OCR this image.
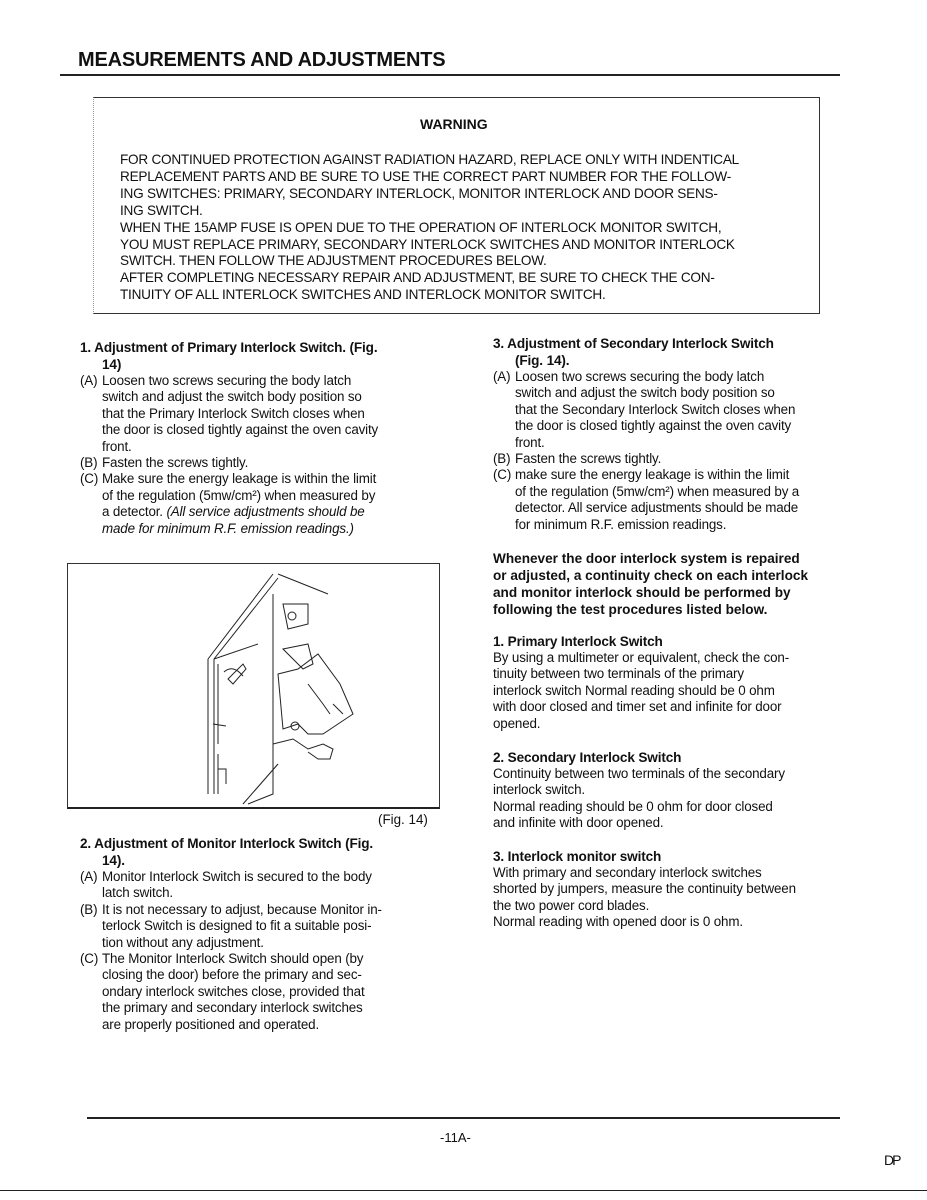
MEASUREMENTS AND ADJUSTMENTS
WARNING
FOR CONTINUED PROTECTION AGAINST RADIATION HAZARD, REPLACE ONLY WITH INDENTICAL
REPLACEMENT PARTS AND BE SURE TO USE THE CORRECT PART NUMBER FOR THE FOLLOW-
ING SWITCHES: PRIMARY, SECONDARY INTERLOCK, MONITOR INTERLOCK AND DOOR SENS-
ING SWITCH.
WHEN THE 15AMP FUSE IS OPEN DUE TO THE OPERATION OF INTERLOCK MONITOR SWITCH,
YOU MUST REPLACE PRIMARY, SECONDARY INTERLOCK SWITCHES AND MONITOR INTERLOCK
SWITCH. THEN FOLLOW THE ADJUSTMENT PROCEDURES BELOW.
AFTER COMPLETING NECESSARY REPAIR AND ADJUSTMENT, BE SURE TO CHECK THE CON-
TINUITY OF ALL INTERLOCK SWITCHES AND INTERLOCK MONITOR SWITCH.
1. Adjustment of Primary Interlock Switch. (Fig.
14)
(A) Loosen two screws securing the body latch
switch and adjust the switch body position so
that the Primary Interlock Switch closes when
the door is closed tightly against the oven cavity
front.
(B) Fasten the screws tightly.
(C) Make sure the energy leakage is within the limit
of the regulation (5mw/cm²) when measured by
a detector. (All service adjustments should be
made for minimum R.F. emission readings.)
(Fig. 14)
2. Adjustment of Monitor Interlock Switch (Fig.
14).
(A) Monitor Interlock Switch is secured to the body
latch switch.
(B) It is not necessary to adjust, because Monitor in-
terlock Switch is designed to fit a suitable posi-
tion without any adjustment.
(C) The Monitor Interlock Switch should open (by
closing the door) before the primary and sec-
ondary interlock switches close, provided that
the primary and secondary interlock switches
are properly positioned and operated.
3. Adjustment of Secondary Interlock Switch
(Fig. 14).
(A) Loosen two screws securing the body latch
switch and adjust the switch body position so
that the Secondary Interlock Switch closes when
the door is closed tightly against the oven cavity
front.
(B) Fasten the screws tightly.
(C) make sure the energy leakage is within the limit
of the regulation (5mw/cm²) when measured by a
detector. All service adjustments should be made
for minimum R.F. emission readings.
Whenever the door interlock system is repaired
or adjusted, a continuity check on each interlock
and monitor interlock should be performed by
following the test procedures listed below.
1. Primary Interlock Switch
By using a multimeter or equivalent, check the con-
tinuity between two terminals of the primary
interlock switch Normal reading should be 0 ohm
with door closed and timer set and infinite for door
opened.
2. Secondary Interlock Switch
Continuity between two terminals of the secondary
interlock switch.
Normal reading should be 0 ohm for door closed
and infinite with door opened.
3. Interlock monitor switch
With primary and secondary interlock switches
shorted by jumpers, measure the continuity between
the two power cord blades.
Normal reading with opened door is 0 ohm.
-11A-
DP
